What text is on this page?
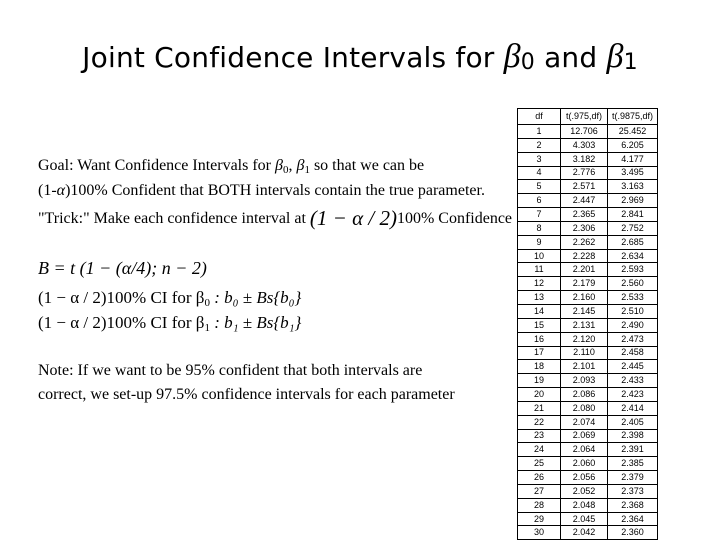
Joint Confidence Intervals for $\beta_0$ and $\beta_1$
Goal: Want Confidence Intervals for $\beta_0$, $\beta_1$ so that we can be
(1-α)100% Confident that BOTH intervals contain the true parameter.
"Trick:" Make each confidence interval at (1 − α / 2)100% Confidence
B = t (1 − (α/4); n − 2)
(1 − α / 2)100% CI for $\beta_0$ : b₀ ± Bs{b₀}
(1 − α / 2)100% CI for $\beta_1$ : b₁ ± Bs{b₁}
Note: If we want to be 95% confident that both intervals are
correct, we set-up 97.5% confidence intervals for each parameter
df	t(.975,df)	t(.9875,df)
1	12.706	25.452
2	4.303	6.205
3	3.182	4.177
4	2.776	3.495
5	2.571	3.163
6	2.447	2.969
7	2.365	2.841
8	2.306	2.752
9	2.262	2.685
10	2.228	2.634
11	2.201	2.593
12	2.179	2.560
13	2.160	2.533
14	2.145	2.510
15	2.131	2.490
16	2.120	2.473
17	2.110	2.458
18	2.101	2.445
19	2.093	2.433
20	2.086	2.423
21	2.080	2.414
22	2.074	2.405
23	2.069	2.398
24	2.064	2.391
25	2.060	2.385
26	2.056	2.379
27	2.052	2.373
28	2.048	2.368
29	2.045	2.364
30	2.042	2.360
